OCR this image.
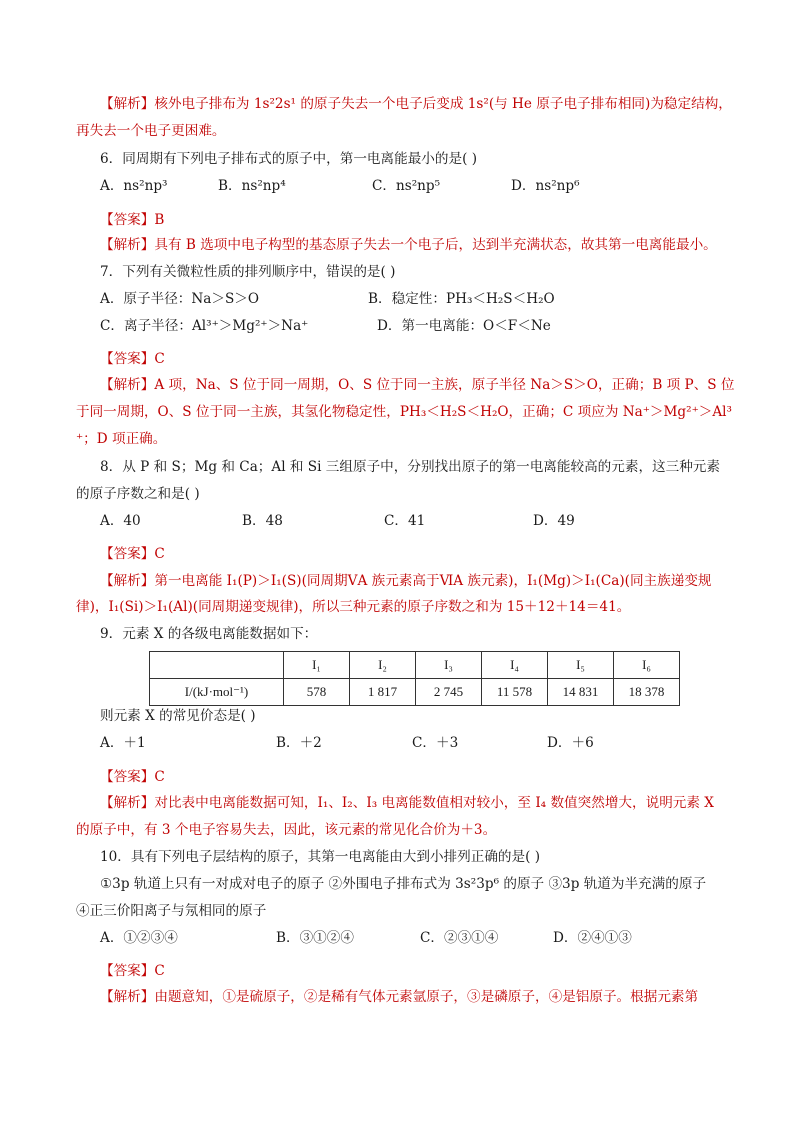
【解析】核外电子排布为 1s²2s¹ 的原子失去一个电子后变成 1s²(与 He 原子电子排布相同)为稳定结构，
再失去一个电子更困难。
6．同周期有下列电子排布式的原子中，第一电离能最小的是( )
A．ns²np³	B．ns²np⁴	C．ns²np⁵	D．ns²np⁶
【答案】B
【解析】具有 B 选项中电子构型的基态原子失去一个电子后，达到半充满状态，故其第一电离能最小。
7．下列有关微粒性质的排列顺序中，错误的是( )
A．原子半径：Na＞S＞O	B．稳定性：PH₃＜H₂S＜H₂O
C．离子半径：Al³⁺＞Mg²⁺＞Na⁺	D．第一电离能：O＜F＜Ne
【答案】C
【解析】A 项，Na、S 位于同一周期，O、S 位于同一主族，原子半径 Na＞S＞O，正确；B 项 P、S 位
于同一周期，O、S 位于同一主族，其氢化物稳定性，PH₃＜H₂S＜H₂O，正确；C 项应为 Na⁺＞Mg²⁺＞Al³
⁺；D 项正确。
8．从 P 和 S；Mg 和 Ca；Al 和 Si 三组原子中，分别找出原子的第一电离能较高的元素，这三种元素
的原子序数之和是( )
A．40	B．48	C．41	D．49
【答案】C
【解析】第一电离能 I₁(P)＞I₁(S)(同周期ⅤA 族元素高于ⅥA 族元素)，I₁(Mg)＞I₁(Ca)(同主族递变规
律)，I₁(Si)＞I₁(Al)(同周期递变规律)，所以三种元素的原子序数之和为 15＋12＋14＝41。
9．元素 X 的各级电离能数据如下：
	I₁	I₂	I₃	I₄	I₅	I₆
I/(kJ·mol⁻¹)	578	1 817	2 745	11 578	14 831	18 378
则元素 X 的常见价态是( )
A．＋1	B．＋2	C．＋3	D．＋6
【答案】C
【解析】对比表中电离能数据可知，I₁、I₂、I₃ 电离能数值相对较小，至 I₄ 数值突然增大，说明元素 X
的原子中，有 3 个电子容易失去，因此，该元素的常见化合价为＋3。
10．具有下列电子层结构的原子，其第一电离能由大到小排列正确的是( )
①3p 轨道上只有一对成对电子的原子 ②外围电子排布式为 3s²3p⁶ 的原子 ③3p 轨道为半充满的原子
④正三价阳离子与氖相同的原子
A．①②③④	B．③①②④	C．②③①④	D．②④①③
【答案】C
【解析】由题意知，①是硫原子，②是稀有气体元素氩原子，③是磷原子，④是铝原子。根据元素第
